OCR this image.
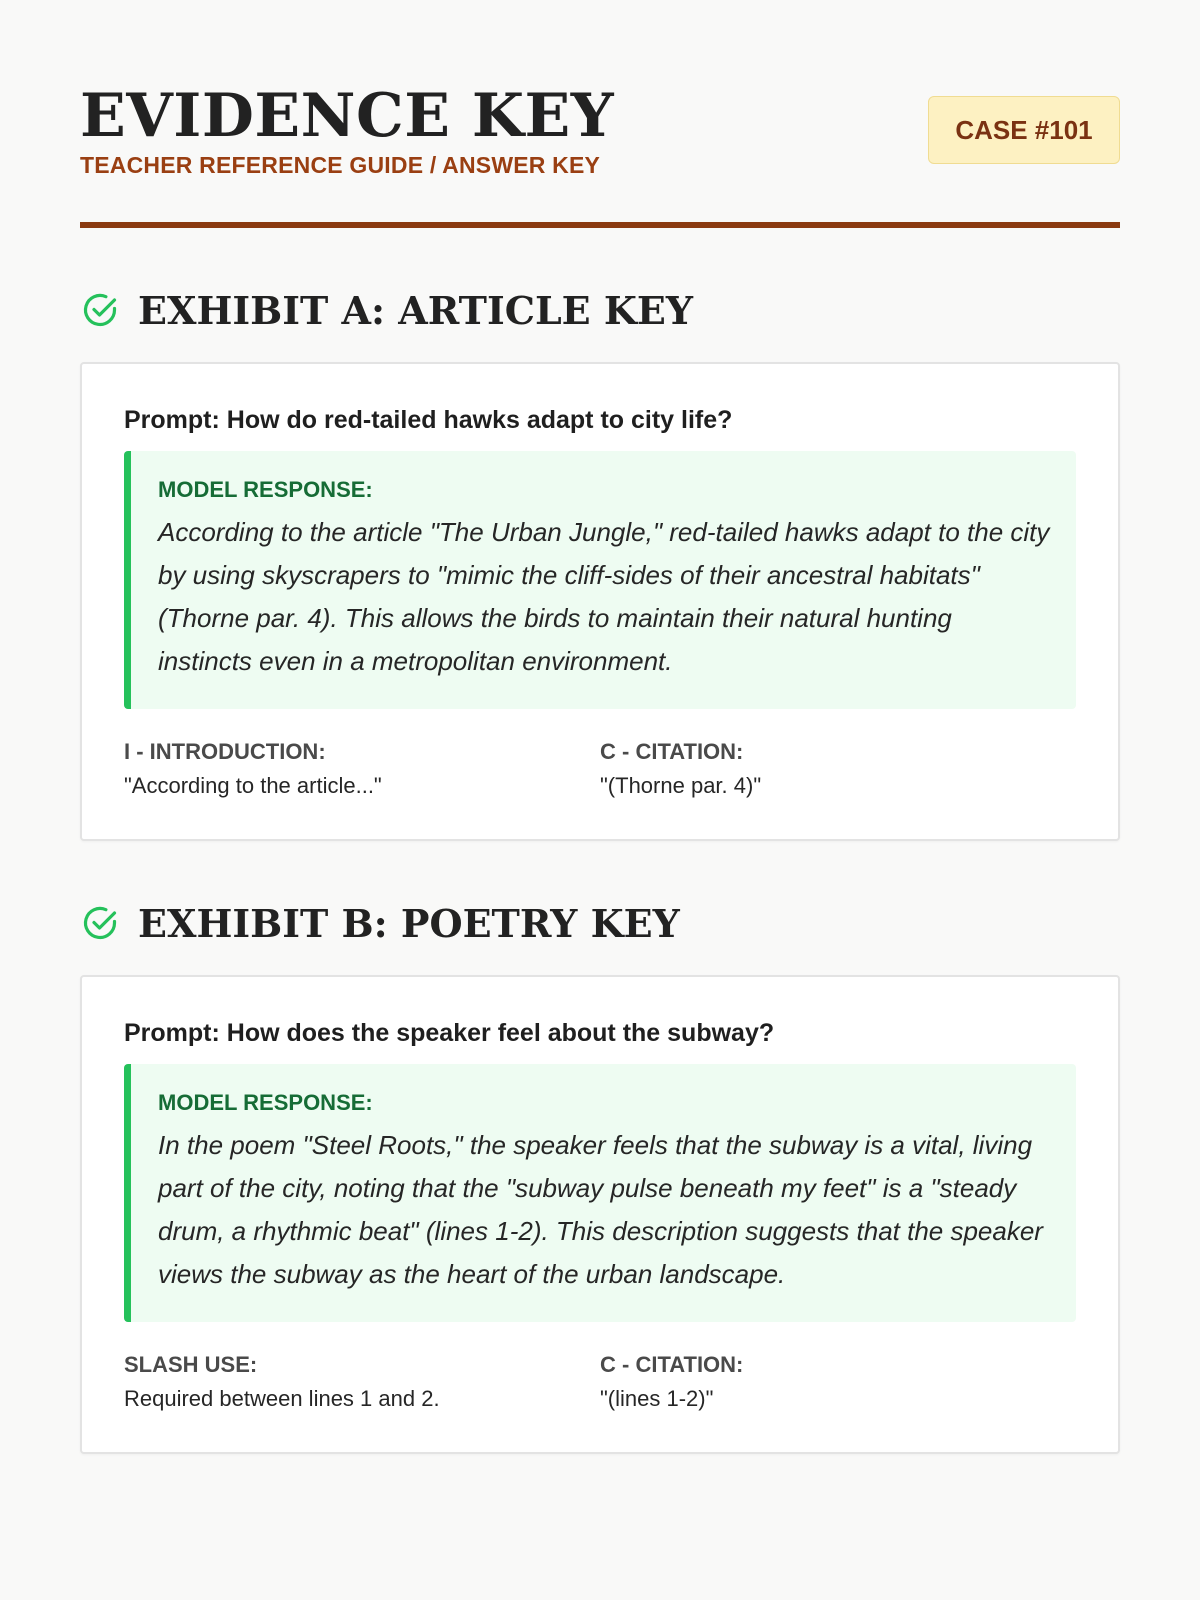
EVIDENCE KEY
TEACHER REFERENCE GUIDE / ANSWER KEY
CASE #101
EXHIBIT A: ARTICLE KEY

Prompt: How do red-tailed hawks adapt to city life?

MODEL RESPONSE:
According to the article "The Urban Jungle," red-tailed hawks adapt to the city by using skyscrapers to "mimic the cliff-sides of their ancestral habitats" (Thorne par. 4). This allows the birds to maintain their natural hunting instincts even in a metropolitan environment.
I - INTRODUCTION:
"According to the article..."
C - CITATION:
"(Thorne par. 4)"
EXHIBIT B: POETRY KEY

Prompt: How does the speaker feel about the subway?

MODEL RESPONSE:
In the poem "Steel Roots," the speaker feels that the subway is a vital, living part of the city, noting that the "subway pulse beneath my feet" is a "steady drum, a rhythmic beat" (lines 1-2). This description suggests that the speaker views the subway as the heart of the urban landscape.
SLASH USE:
Required between lines 1 and 2.
C - CITATION:
"(lines 1-2)"
